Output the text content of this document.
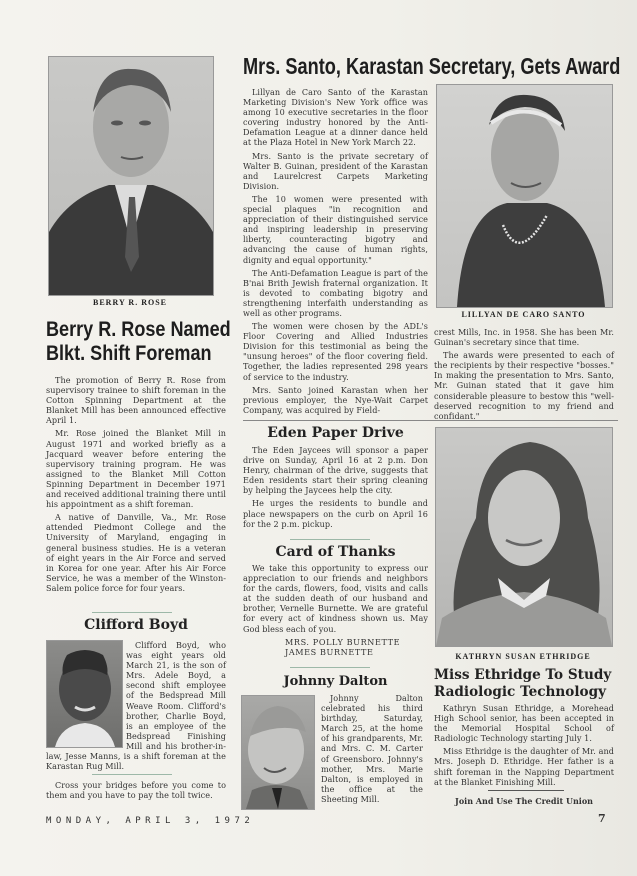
BERRY R. ROSE
Berry R. Rose Named
Blkt. Shift Foreman

The promotion of Berry R. Rose from supervisory trainee to shift foreman in the Cotton Spinning Department at the Blanket Mill has been announced effective April 1.

Mr. Rose joined the Blanket Mill in August 1971 and worked briefly as a Jacquard weaver before entering the supervisory training program. He was assigned to the Blanket Mill Cotton Spinning Department in December 1971 and received additional training there until his appointment as a shift foreman.

A native of Danville, Va., Mr. Rose attended Piedmont College and the University of Maryland, engaging in general business studies. He is a veteran of eight years in the Air Force and served in Korea for one year. After his Air Force Service, he was a member of the Winston-Salem police force for four years.

Clifford Boyd
Clifford Boyd, who was eight years old March 21, is the son of Mrs. Adele Boyd, a second shift employee of the Bedspread Mill Weave Room. Clifford's brother, Charlie Boyd, is an employee of the Bedspread Finishing Mill and his brother-in-law, Jesse Manns, is a shift foreman at the Karastan Rug Mill.

Cross your bridges before you come to them and you have to pay the toll twice.

MONDAY, APRIL 3, 1972
Mrs. Santo, Karastan Secretary, Gets Award

Lillyan de Caro Santo of the Karastan Marketing Division's New York office was among 10 executive secretaries in the floor covering industry honored by the Anti-Defamation League at a dinner dance held at the Plaza Hotel in New York March 22.

Mrs. Santo is the private secretary of Walter B. Guinan, president of the Karastan and Laurelcrest Carpets Marketing Division.

The 10 women were presented with special plaques "in recognition and appreciation of their distinguished service and inspiring leadership in preserving liberty, counteracting bigotry and advancing the cause of human rights, dignity and equal opportunity."

The Anti-Defamation League is part of the B'nai Brith Jewish fraternal organization. It is devoted to combating bigotry and strengthening interfaith understanding as well as other programs.

The women were chosen by the ADL's Floor Covering and Allied Industries Division for this testimonial as being the "unsung heroes" of the floor covering field. Together, the ladies represented 298 years of service to the industry.

Mrs. Santo joined Karastan when her previous employer, the Nye-Wait Carpet Company, was acquired by Field-

Eden Paper Drive

The Eden Jaycees will sponsor a paper drive on Sunday, April 16 at 2 p.m. Don Henry, chairman of the drive, suggests that Eden residents start their spring cleaning by helping the Jaycees help the city.

He urges the residents to bundle and place newspapers on the curb on April 16 for the 2 p.m. pickup.

Card of Thanks

We take this opportunity to express our appreciation to our friends and neighbors for the cards, flowers, food, visits and calls at the sudden death of our husband and brother, Vernelle Burnette. We are grateful for every act of kindness shown us. May God bless each of you.

MRS. POLLY BURNETTE
JAMES BURNETTE
Johnny Dalton
Johnny Dalton celebrated his third birthday, Saturday, March 25, at the home of his grandparents, Mr. and Mrs. C. M. Carter of Greensboro. Johnny's mother, Mrs. Marie Dalton, is employed in the office at the Sheeting Mill.
LILLYAN DE CARO SANTO

crest Mills, Inc. in 1958. She has been Mr. Guinan's secretary since that time.

The awards were presented to each of the recipients by their respective "bosses." In making the presentation to Mrs. Santo, Mr. Guinan stated that it gave him considerable pleasure to bestow this "well-deserved recognition to my friend and confidant."

KATHRYN SUSAN ETHRIDGE
Miss Ethridge To Study
Radiologic Technology

Kathryn Susan Ethridge, a Morehead High School senior, has been accepted in the Memorial Hospital School of Radiologic Technology starting July 1.

Miss Ethridge is the daughter of Mr. and Mrs. Joseph D. Ethridge. Her father is a shift foreman in the Napping Department at the Blanket Finishing Mill.

Join And Use The Credit Union
7
